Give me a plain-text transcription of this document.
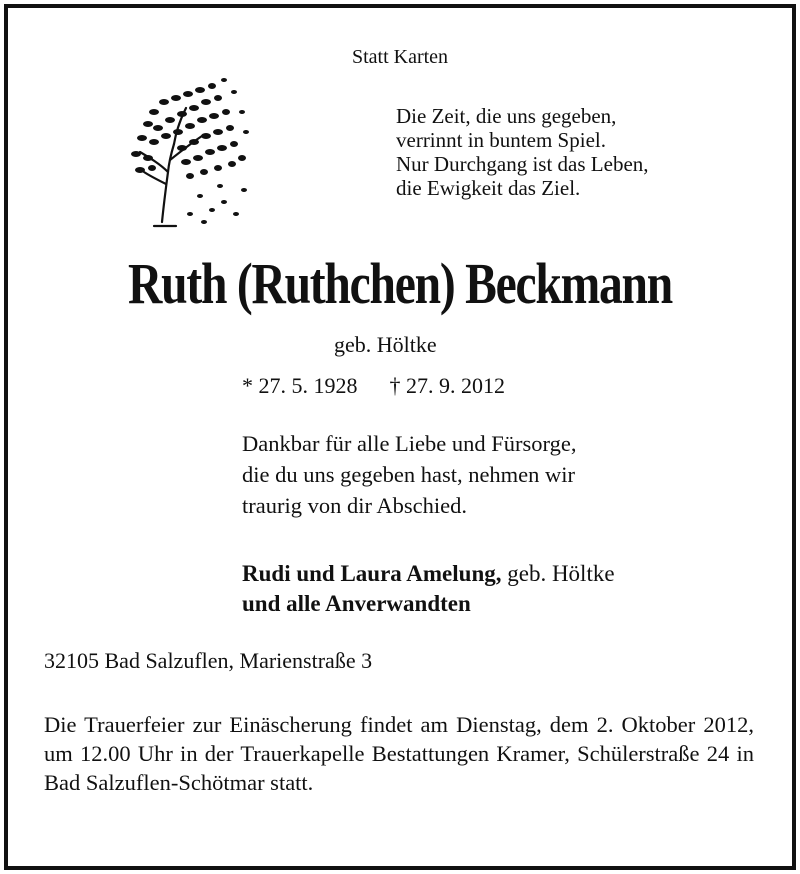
Statt Karten
Die Zeit, die uns gegeben,
verrinnt in buntem Spiel.
Nur Durchgang ist das Leben,
die Ewigkeit das Ziel.
Ruth (Ruthchen) Beckmann
geb. Höltke
* 27. 5. 1928 † 27. 9. 2012
Dankbar für alle Liebe und Fürsorge,
die du uns gegeben hast, nehmen wir
traurig von dir Abschied.
Rudi und Laura Amelung, geb. Höltke
und alle Anverwandten
32105 Bad Salzuflen, Marienstraße 3

Die Trauerfeier zur Einäscherung findet am Dienstag, dem 2. Oktober 2012, um 12.00 Uhr in der Trauerkapelle Bestattungen Kramer, Schülerstraße 24 in Bad Salzuflen-Schötmar statt.
